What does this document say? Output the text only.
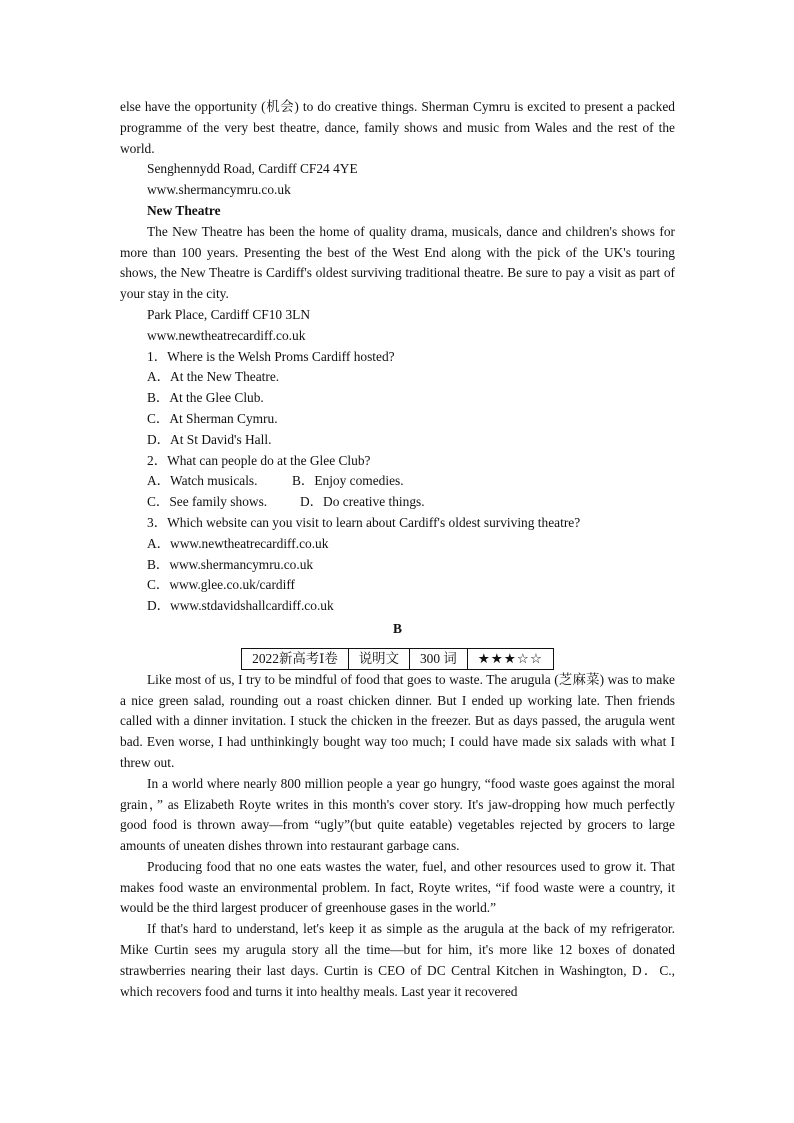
else have the opportunity (机会) to do creative things. Sherman Cymru is excited to present a packed programme of the very best theatre, dance, family shows and music from Wales and the rest of the world.

Senghennydd Road, Cardiff CF24 4YE

www.shermancymru.co.uk

New Theatre

The New Theatre has been the home of quality drama, musicals, dance and children's shows for more than 100 years. Presenting the best of the West End along with the pick of the UK's touring shows, the New Theatre is Cardiff's oldest surviving traditional theatre. Be sure to pay a visit as part of your stay in the city.

Park Place, Cardiff CF10 3LN

www.newtheatrecardiff.co.uk

1．Where is the Welsh Proms Cardiff hosted?

A．At the New Theatre.

B．At the Glee Club.

C．At Sherman Cymru.

D．At St David's Hall.

2．What can people do at the Glee Club?

A．Watch musicals.	B．Enjoy comedies.
C．See family shows.	D．Do creative things.

3．Which website can you visit to learn about Cardiff's oldest surviving theatre?

A．www.newtheatrecardiff.co.uk

B．www.shermancymru.co.uk

C．www.glee.co.uk/cardiff

D．www.stdavidshallcardiff.co.uk

B

2022新高考Ⅰ卷	说明文	300 词	★★★☆☆

Like most of us, I try to be mindful of food that goes to waste. The arugula (芝麻菜) was to make a nice green salad, rounding out a roast chicken dinner. But I ended up working late. Then friends called with a dinner invitation. I stuck the chicken in the freezer. But as days passed, the arugula went bad. Even worse, I had unthinkingly bought way too much; I could have made six salads with what I threw out.

In a world where nearly 800 million people a year go hungry, “food waste goes against the moral grain，” as Elizabeth Royte writes in this month's cover story. It's jaw-dropping how much perfectly good food is thrown away—from “ugly”(but quite eatable) vegetables rejected by grocers to large amounts of uneaten dishes thrown into restaurant garbage cans.

Producing food that no one eats wastes the water, fuel, and other resources used to grow it. That makes food waste an environmental problem. In fact, Royte writes, “if food waste were a country, it would be the third largest producer of greenhouse gases in the world.”

If that's hard to understand, let's keep it as simple as the arugula at the back of my refrigerator. Mike Curtin sees my arugula story all the time—but for him, it's more like 12 boxes of donated strawberries nearing their last days. Curtin is CEO of DC Central Kitchen in Washington, D．C., which recovers food and turns it into healthy meals. Last year it recovered
